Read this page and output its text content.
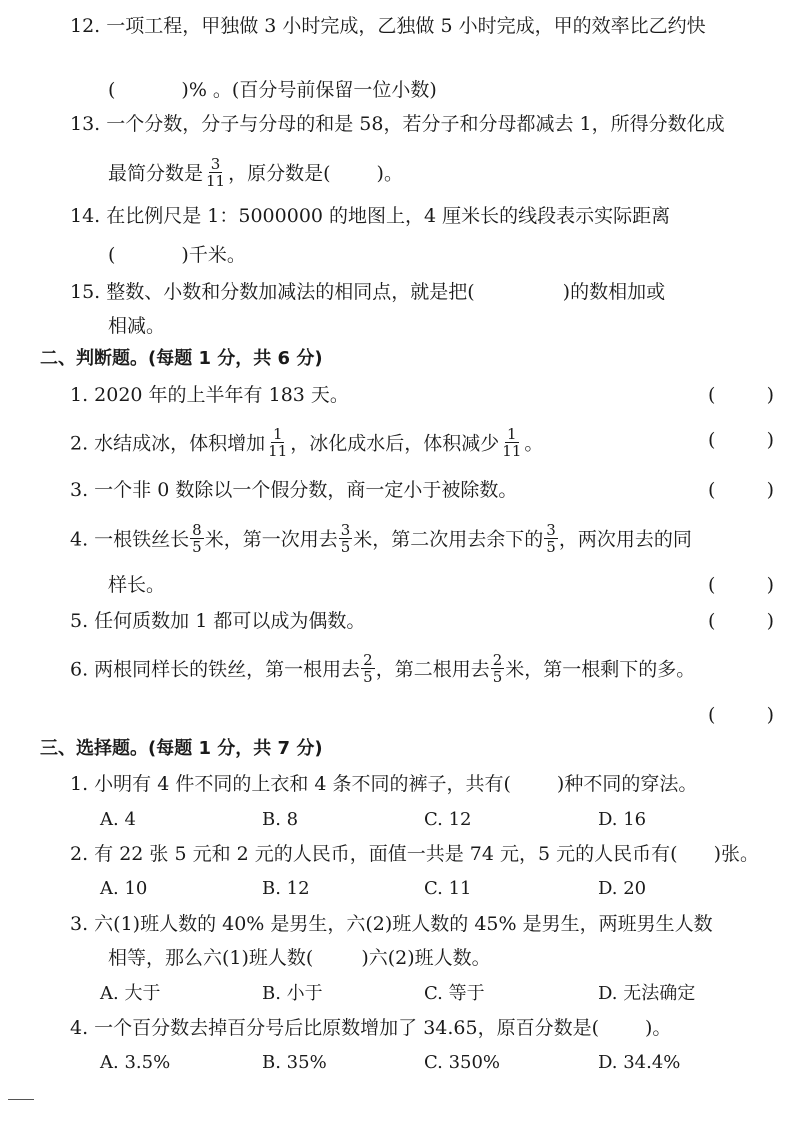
12. 一项工程，甲独做 3 小时完成，乙独做 5 小时完成，甲的效率比乙约快
(	)% 。(百分号前保留一位小数)
13. 一个分数，分子与分母的和是 58，若分子和分母都减去 1，所得分数化成
最简分数是 $\frac{3}{11}$ ，原分数是( )。
14. 在比例尺是 1：5000000 的地图上，4 厘米长的线段表示实际距离
(	)千米。
15. 整数、小数和分数加减法的相同点，就是把(	)的数相加或
相减。
二、判断题。(每题 1 分，共 6 分)
1. 2020 年的上半年有 183 天。	(	)
2. 水结成冰，体积增加 $\frac{1}{11}$ ，冰化成水后，体积减少 $\frac{1}{11}$ 。	(	)
3. 一个非 0 数除以一个假分数，商一定小于被除数。	(	)
4. 一根铁丝长 $\frac{8}{5}$ 米，第一次用去 $\frac{3}{5}$ 米，第二次用去余下的 $\frac{3}{5}$ ，两次用去的同
样长。	(	)
5. 任何质数加 1 都可以成为偶数。	(	)
6. 两根同样长的铁丝，第一根用去 $\frac{2}{5}$ ，第二根用去 $\frac{2}{5}$ 米，第一根剩下的多。
(	)
三、选择题。(每题 1 分，共 7 分)
1. 小明有 4 件不同的上衣和 4 条不同的裤子，共有( )种不同的穿法。
A. 4	B. 8	C. 12	D. 16
2. 有 22 张 5 元和 2 元的人民币，面值一共是 74 元，5 元的人民币有( )张。
A. 10	B. 12	C. 11	D. 20
3. 六(1)班人数的 40% 是男生，六(2)班人数的 45% 是男生，两班男生人数
相等，那么六(1)班人数(	)六(2)班人数。
A. 大于	B. 小于	C. 等于	D. 无法确定
4. 一个百分数去掉百分号后比原数增加了 34.65，原百分数是( )。
A. 3.5%	B. 35%	C. 350%	D. 34.4%
